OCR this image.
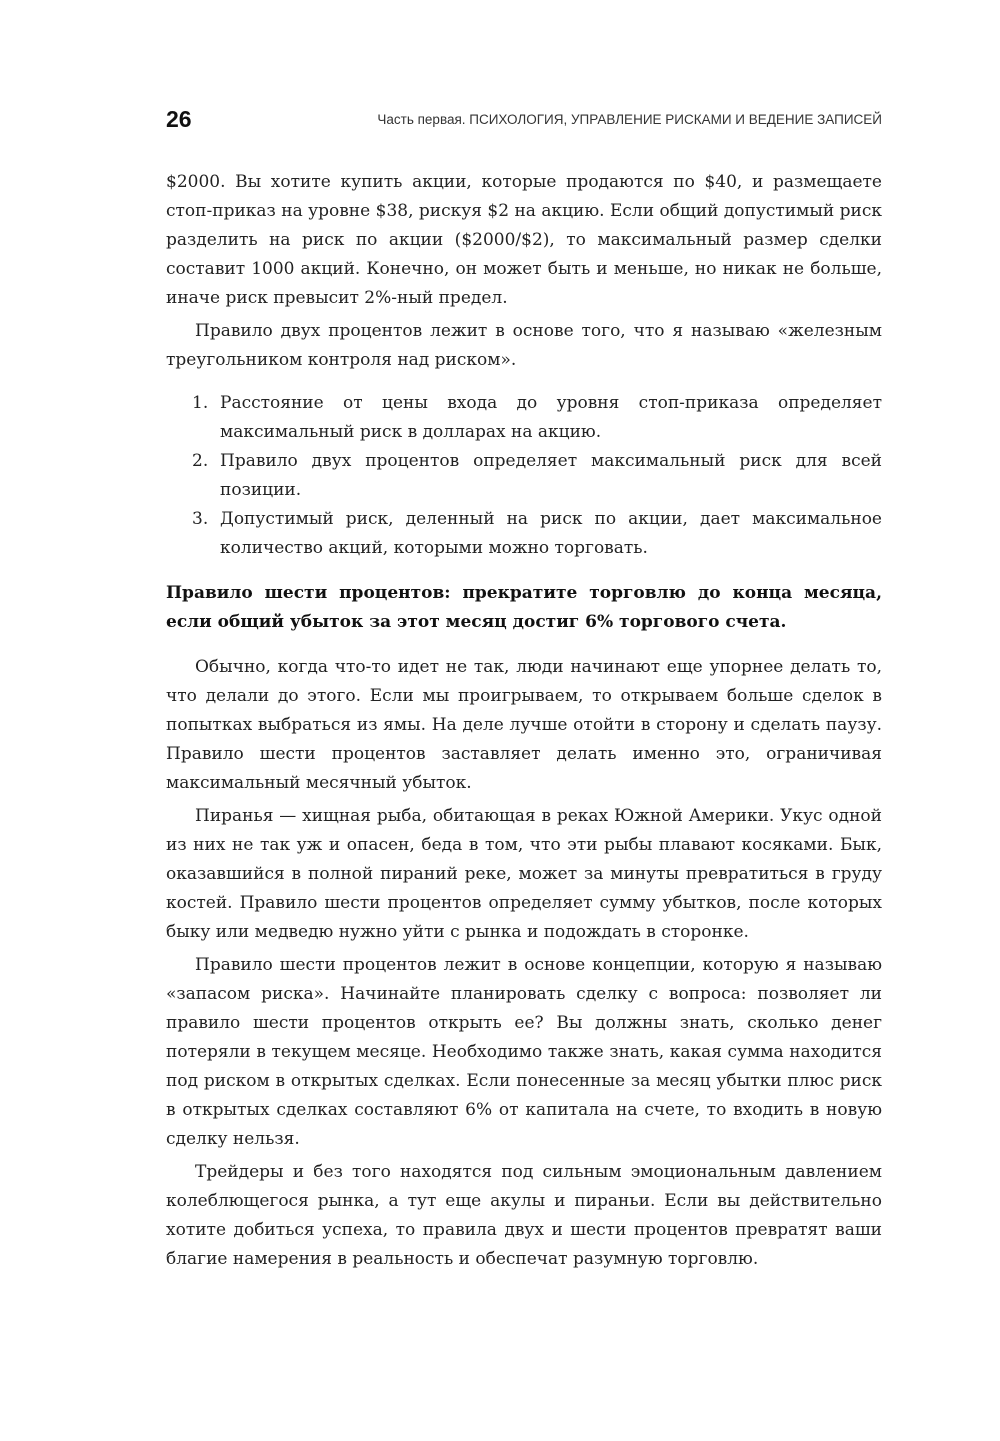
26	Часть первая. ПСИХОЛОГИЯ, УПРАВЛЕНИЕ РИСКАМИ И ВЕДЕНИЕ ЗАПИСЕЙ

$2000. Вы хотите купить акции, которые продаются по $40, и размещаете стоп-приказ на уровне $38, рискуя $2 на акцию. Если общий допустимый риск разделить на риск по акции ($2000/$2), то максимальный размер сделки составит 1000 акций. Конечно, он может быть и меньше, но никак не больше, иначе риск превысит 2%-ный предел.

Правило двух процентов лежит в основе того, что я называю «железным треугольником контроля над риском».

1. Расстояние от цены входа до уровня стоп-приказа определяет максимальный риск в долларах на акцию.
2. Правило двух процентов определяет максимальный риск для всей позиции.
3. Допустимый риск, деленный на риск по акции, дает максимальное количество акций, которыми можно торговать.
Правило шести процентов: прекратите торговлю до конца месяца, если общий убыток за этот месяц достиг 6% торгового счета.

Обычно, когда что-то идет не так, люди начинают еще упорнее делать то, что делали до этого. Если мы проигрываем, то открываем больше сделок в попытках выбраться из ямы. На деле лучше отойти в сторону и сделать паузу. Правило шести процентов заставляет делать именно это, ограничивая максимальный месячный убыток.

Пиранья — хищная рыба, обитающая в реках Южной Америки. Укус одной из них не так уж и опасен, беда в том, что эти рыбы плавают косяками. Бык, оказавшийся в полной пираний реке, может за минуты превратиться в груду костей. Правило шести процентов определяет сумму убытков, после которых быку или медведю нужно уйти с рынка и подождать в сторонке.

Правило шести процентов лежит в основе концепции, которую я называю «запасом риска». Начинайте планировать сделку с вопроса: позволяет ли правило шести процентов открыть ее? Вы должны знать, сколько денег потеряли в текущем месяце. Необходимо также знать, какая сумма находится под риском в открытых сделках. Если понесенные за месяц убытки плюс риск в открытых сделках составляют 6% от капитала на счете, то входить в новую сделку нельзя.

Трейдеры и без того находятся под сильным эмоциональным давлением колеблющегося рынка, а тут еще акулы и пираньи. Если вы действительно хотите добиться успеха, то правила двух и шести процентов превратят ваши благие намерения в реальность и обеспечат разумную торговлю.
